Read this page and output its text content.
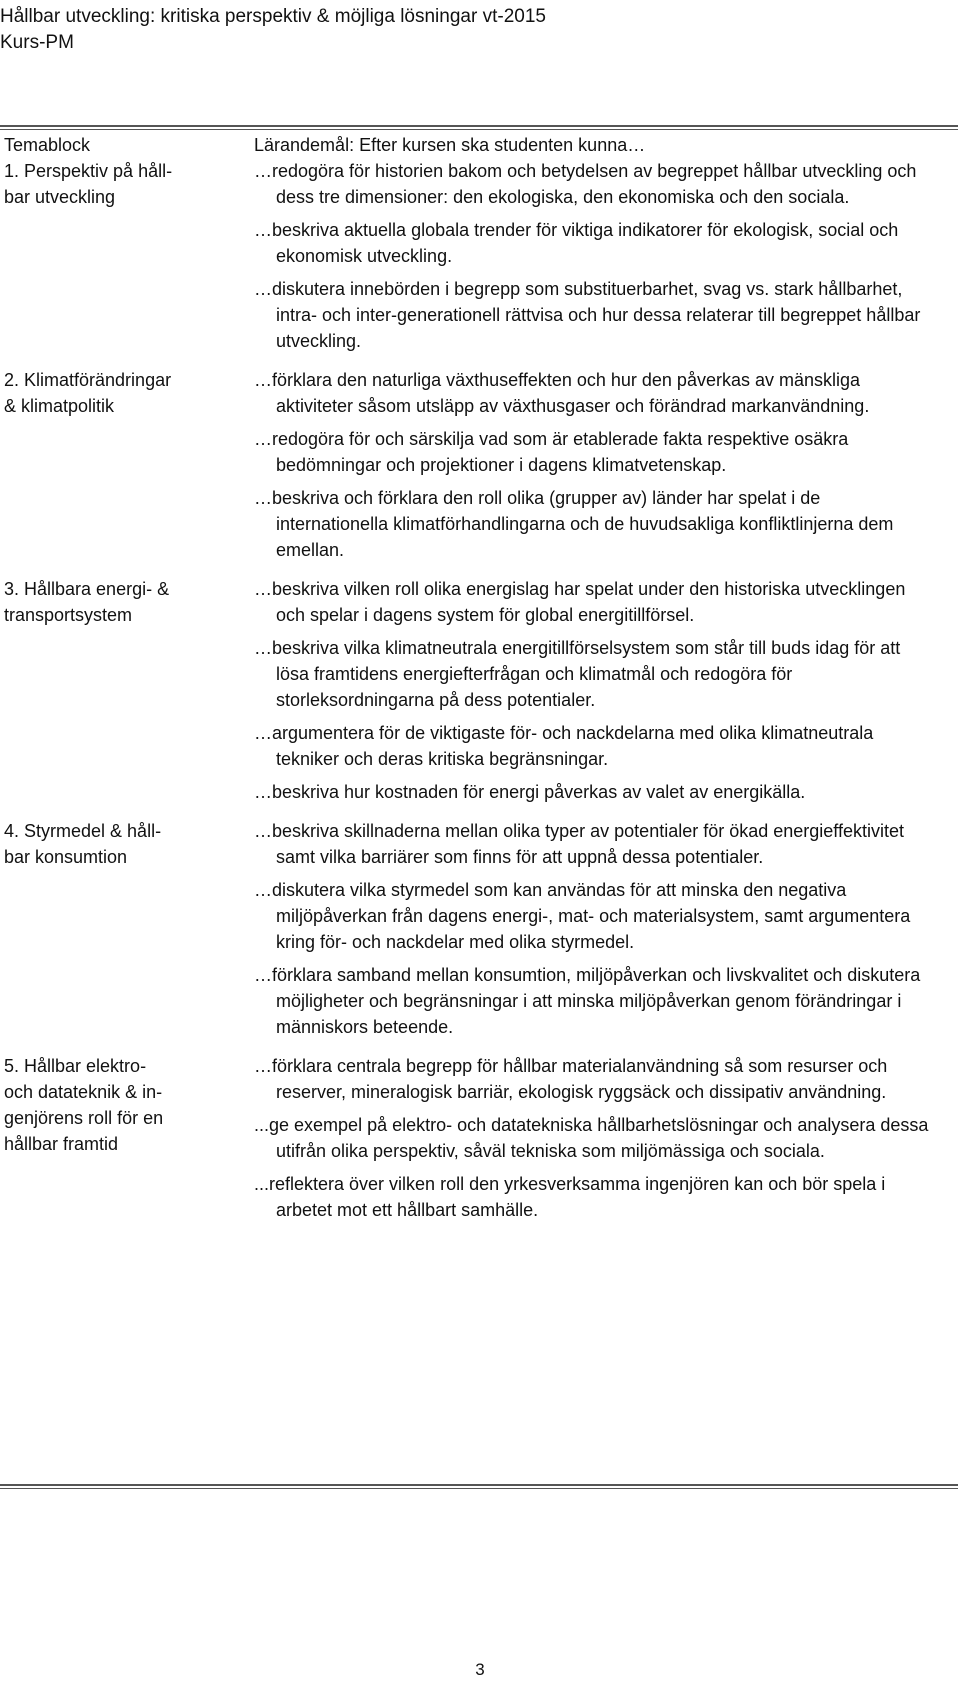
Hållbar utveckling: kritiska perspektiv & möjliga lösningar vt-2015
Kurs-PM
Temablock	Lärandemål: Efter kursen ska studenten kunna…
1. Perspektiv på håll-
bar utveckling
…redogöra för historien bakom och betydelsen av begreppet hållbar utveckling och dess tre dimensioner: den ekologiska, den ekonomiska och den sociala.
…beskriva aktuella globala trender för viktiga indikatorer för ekologisk, social och ekonomisk utveckling.
…diskutera innebörden i begrepp som substituerbarhet, svag vs. stark hållbarhet, intra- och inter-generationell rättvisa och hur dessa relaterar till begreppet hållbar utveckling.
2. Klimatförändringar
& klimatpolitik
…förklara den naturliga växthuseffekten och hur den påverkas av mänskliga aktiviteter såsom utsläpp av växthusgaser och förändrad markanvändning.
…redogöra för och särskilja vad som är etablerade fakta respektive osäkra bedömningar och projektioner i dagens klimatvetenskap.
…beskriva och förklara den roll olika (grupper av) länder har spelat i de internationella klimatförhandlingarna och de huvudsakliga konfliktlinjerna dem emellan.
3. Hållbara energi- &
transportsystem
…beskriva vilken roll olika energislag har spelat under den historiska utvecklingen och spelar i dagens system för global energitillförsel.
…beskriva vilka klimatneutrala energitillförselsystem som står till buds idag för att lösa framtidens energiefterfrågan och klimatmål och redogöra för storleksordningarna på dess potentialer.
…argumentera för de viktigaste för- och nackdelarna med olika klimatneutrala tekniker och deras kritiska begränsningar.
…beskriva hur kostnaden för energi påverkas av valet av energikälla.
4. Styrmedel & håll-
bar konsumtion
…beskriva skillnaderna mellan olika typer av potentialer för ökad energieffektivitet samt vilka barriärer som finns för att uppnå dessa potentialer.
…diskutera vilka styrmedel som kan användas för att minska den negativa miljöpåverkan från dagens energi-, mat- och materialsystem, samt argumentera kring för- och nackdelar med olika styrmedel.
…förklara samband mellan konsumtion, miljöpåverkan och livskvalitet och diskutera möjligheter och begränsningar i att minska miljöpåverkan genom förändringar i människors beteende.
5. Hållbar elektro-
och datateknik & in-
genjörens roll för en
hållbar framtid
…förklara centrala begrepp för hållbar materialanvändning så som resurser och reserver, mineralogisk barriär, ekologisk ryggsäck och dissipativ användning.
...ge exempel på elektro- och datatekniska hållbarhetslösningar och analysera dessa utifrån olika perspektiv, såväl tekniska som miljömässiga och sociala.
...reflektera över vilken roll den yrkesverksamma ingenjören kan och bör spela i arbetet mot ett hållbart samhälle.
3
